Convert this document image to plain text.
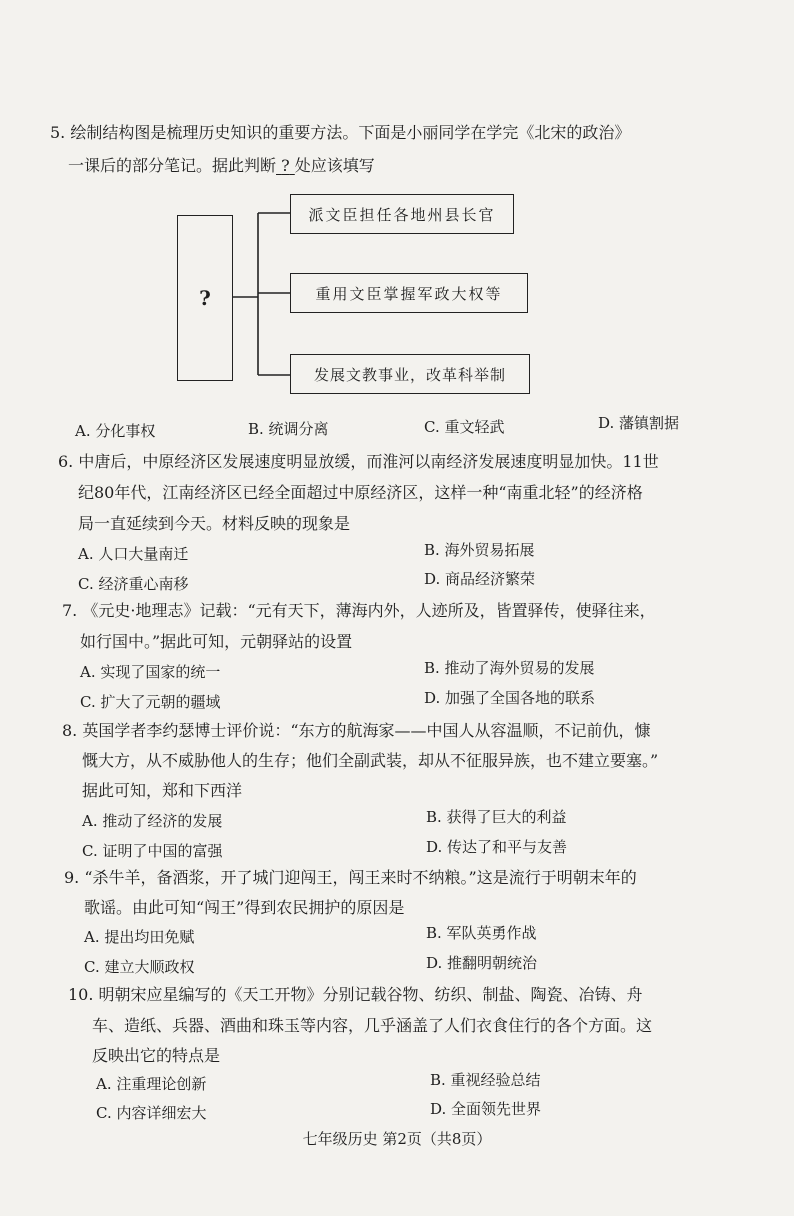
5. 绘制结构图是梳理历史知识的重要方法。下面是小丽同学在学完《北宋的政治》
一课后的部分笔记。据此判断 ? 处应该填写
?
派文臣担任各地州县长官
重用文臣掌握军政大权等
发展文教事业，改革科举制
A. 分化事权	B. 统调分离	C. 重文轻武	D. 藩镇割据
6. 中唐后，中原经济区发展速度明显放缓，而淮河以南经济发展速度明显加快。11世
纪80年代，江南经济区已经全面超过中原经济区，这样一种“南重北轻”的经济格
局一直延续到今天。材料反映的现象是
A. 人口大量南迁	B. 海外贸易拓展
C. 经济重心南移	D. 商品经济繁荣
7. 《元史·地理志》记载：“元有天下，薄海内外，人迹所及，皆置驿传，使驿往来，
如行国中。”据此可知，元朝驿站的设置
A. 实现了国家的统一	B. 推动了海外贸易的发展
C. 扩大了元朝的疆域	D. 加强了全国各地的联系
8. 英国学者李约瑟博士评价说：“东方的航海家——中国人从容温顺，不记前仇，慷
慨大方，从不威胁他人的生存；他们全副武装，却从不征服异族，也不建立要塞。”
据此可知，郑和下西洋
A. 推动了经济的发展	B. 获得了巨大的利益
C. 证明了中国的富强	D. 传达了和平与友善
9. “杀牛羊，备酒浆，开了城门迎闯王，闯王来时不纳粮。”这是流行于明朝末年的
歌谣。由此可知“闯王”得到农民拥护的原因是
A. 提出均田免赋	B. 军队英勇作战
C. 建立大顺政权	D. 推翻明朝统治
10. 明朝宋应星编写的《天工开物》分别记载谷物、纺织、制盐、陶瓷、冶铸、舟
车、造纸、兵器、酒曲和珠玉等内容，几乎涵盖了人们衣食住行的各个方面。这
反映出它的特点是
A. 注重理论创新	B. 重视经验总结
C. 内容详细宏大	D. 全面领先世界
七年级历史 第2页（共8页）
